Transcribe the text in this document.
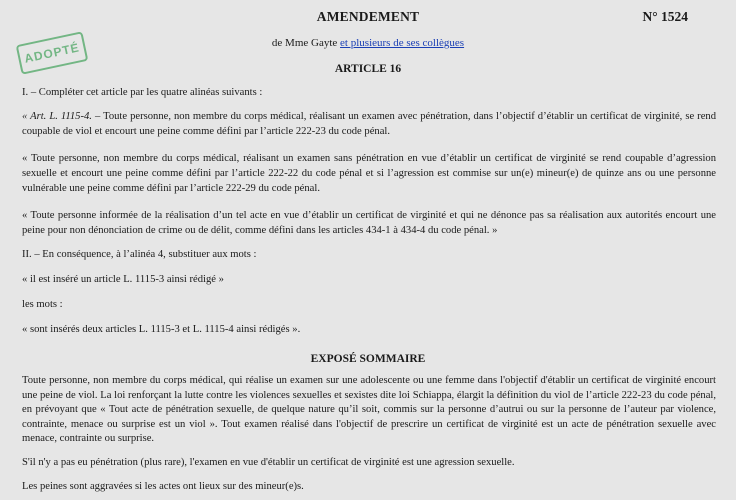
ADOPTÉ
AMENDEMENT	N° 1524
de Mme Gayte et plusieurs de ses collègues
ARTICLE 16
I. – Compléter cet article par les quatre alinéas suivants :
« Art. L. 1115-4. – Toute personne, non membre du corps médical, réalisant un examen avec pénétration, dans l’objectif d’établir un certificat de virginité, se rend coupable de viol et encourt une peine comme défini par l’article 222-23 du code pénal.
« Toute personne, non membre du corps médical, réalisant un examen sans pénétration en vue d’établir un certificat de virginité se rend coupable d’agression sexuelle et encourt une peine comme défini par l’article 222-22 du code pénal et si l’agression est commise sur un(e) mineur(e) de quinze ans ou une personne vulnérable une peine comme défini par l’article 222-29 du code pénal.
« Toute personne informée de la réalisation d’un tel acte en vue d’établir un certificat de virginité et qui ne dénonce pas sa réalisation aux autorités encourt une peine pour non dénonciation de crime ou de délit, comme défini dans les articles 434-1 à 434-4 du code pénal. »
II. – En conséquence, à l’alinéa 4, substituer aux mots :
« il est inséré un article L. 1115-3 ainsi rédigé »
les mots :
« sont insérés deux articles L. 1115-3 et L. 1115-4 ainsi rédigés ».
EXPOSÉ SOMMAIRE
Toute personne, non membre du corps médical, qui réalise un examen sur une adolescente ou une femme dans l'objectif d'établir un certificat de virginité encourt une peine de viol. La loi renforçant la lutte contre les violences sexuelles et sexistes dite loi Schiappa, élargit la définition du viol de l’article 222-23 du code pénal, en prévoyant que « Tout acte de pénétration sexuelle, de quelque nature qu’il soit, commis sur la personne d’autrui ou sur la personne de l’auteur par violence, contrainte, menace ou surprise est un viol ». Tout examen réalisé dans l'objectif de prescrire un certificat de virginité est un acte de pénétration sexuelle avec menace, contrainte ou surprise.
S'il n'y a pas eu pénétration (plus rare), l'examen en vue d'établir un certificat de virginité est une agression sexuelle.
Les peines sont aggravées si les actes ont lieux sur des mineur(e)s.
